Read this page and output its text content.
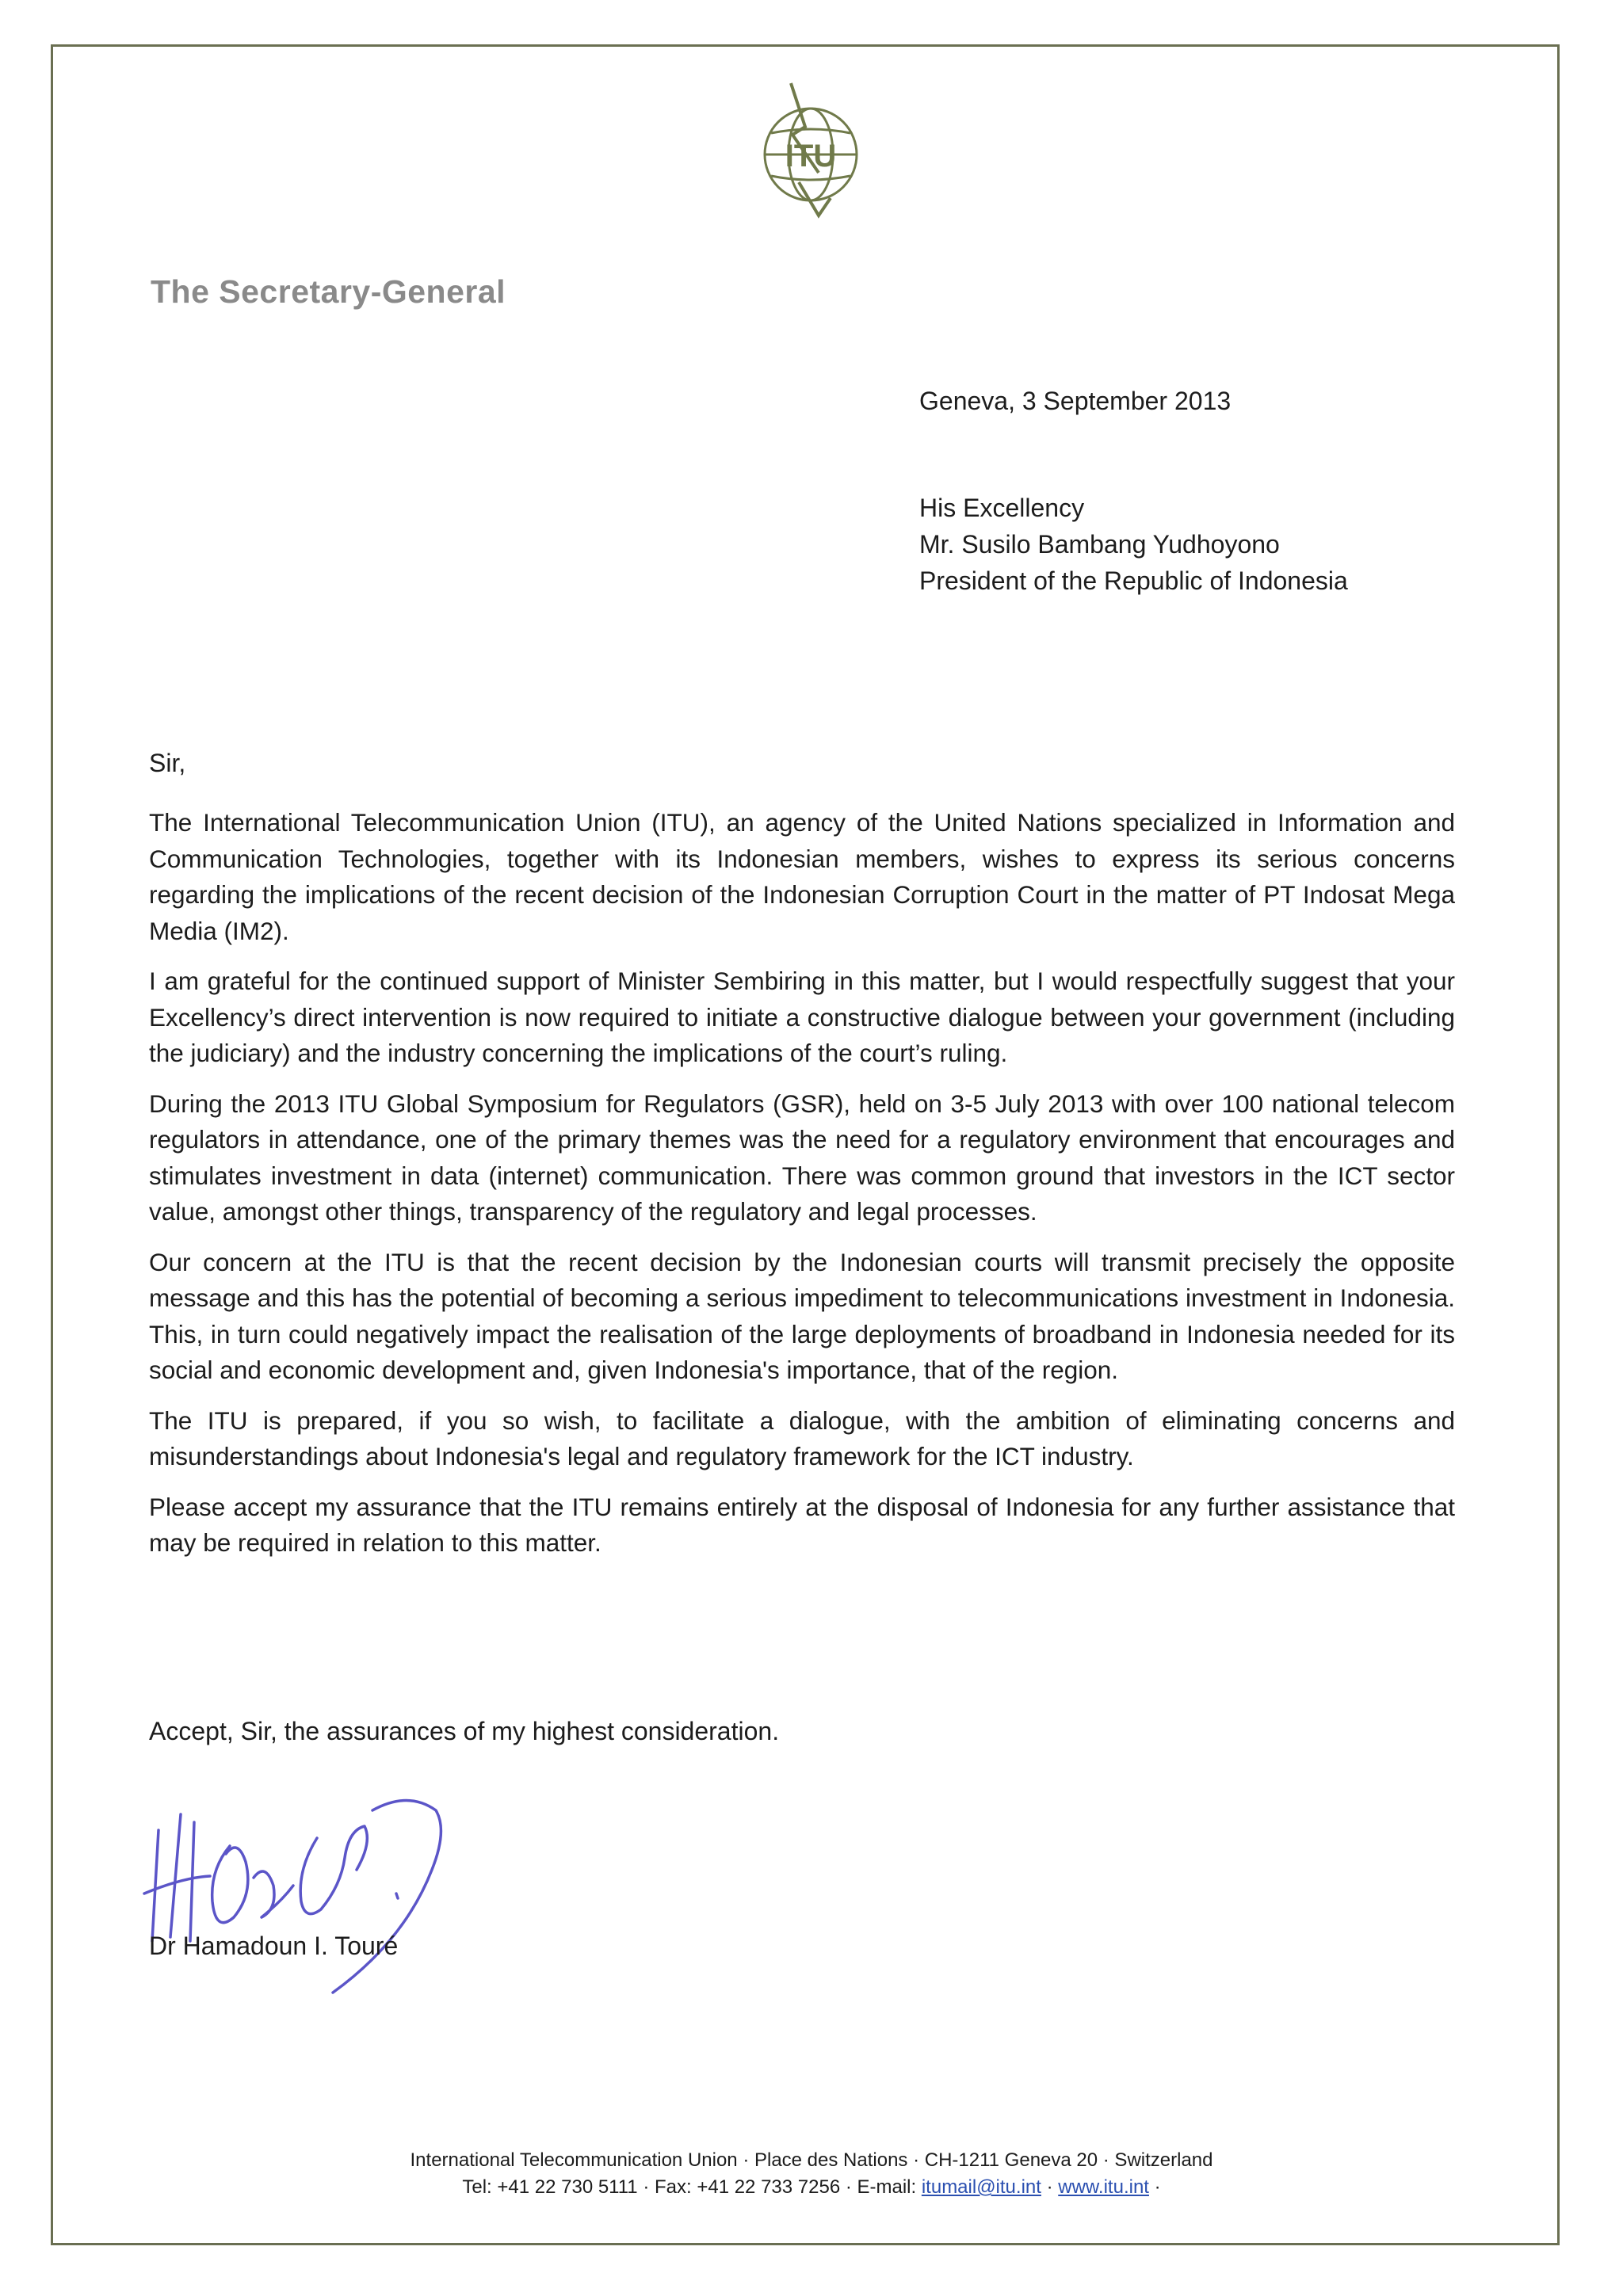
ITU
The Secretary-General
Geneva, 3 September 2013
His Excellency
Mr. Susilo Bambang Yudhoyono
President of the Republic of Indonesia
Sir,

The International Telecommunication Union (ITU), an agency of the United Nations specialized in Information and Communication Technologies, together with its Indonesian members, wishes to express its serious concerns regarding the implications of the recent decision of the Indonesian Corruption Court in the matter of PT Indosat Mega Media (IM2).

I am grateful for the continued support of Minister Sembiring in this matter, but I would respectfully suggest that your Excellency’s direct intervention is now required to initiate a constructive dialogue between your government (including the judiciary) and the industry concerning the implications of the court’s ruling.

During the 2013 ITU Global Symposium for Regulators (GSR), held on 3-5 July 2013 with over 100 national telecom regulators in attendance, one of the primary themes was the need for a regulatory environment that encourages and stimulates investment in data (internet) communication. There was common ground that investors in the ICT sector value, amongst other things, transparency of the regulatory and legal processes.

Our concern at the ITU is that the recent decision by the Indonesian courts will transmit precisely the opposite message and this has the potential of becoming a serious impediment to telecommunications investment in Indonesia. This, in turn could negatively impact the realisation of the large deployments of broadband in Indonesia needed for its social and economic development and, given Indonesia's importance, that of the region.

The ITU is prepared, if you so wish, to facilitate a dialogue, with the ambition of eliminating concerns and misunderstandings about Indonesia's legal and regulatory framework for the ICT industry.

Please accept my assurance that the ITU remains entirely at the disposal of Indonesia for any further assistance that may be required in relation to this matter.

Accept, Sir, the assurances of my highest consideration.
Dr Hamadoun I. Touré
International Telecommunication Union · Place des Nations · CH-1211 Geneva 20 · Switzerland
Tel: +41 22 730 5111 · Fax: +41 22 733 7256 · E-mail: itumail@itu.int · www.itu.int ·
